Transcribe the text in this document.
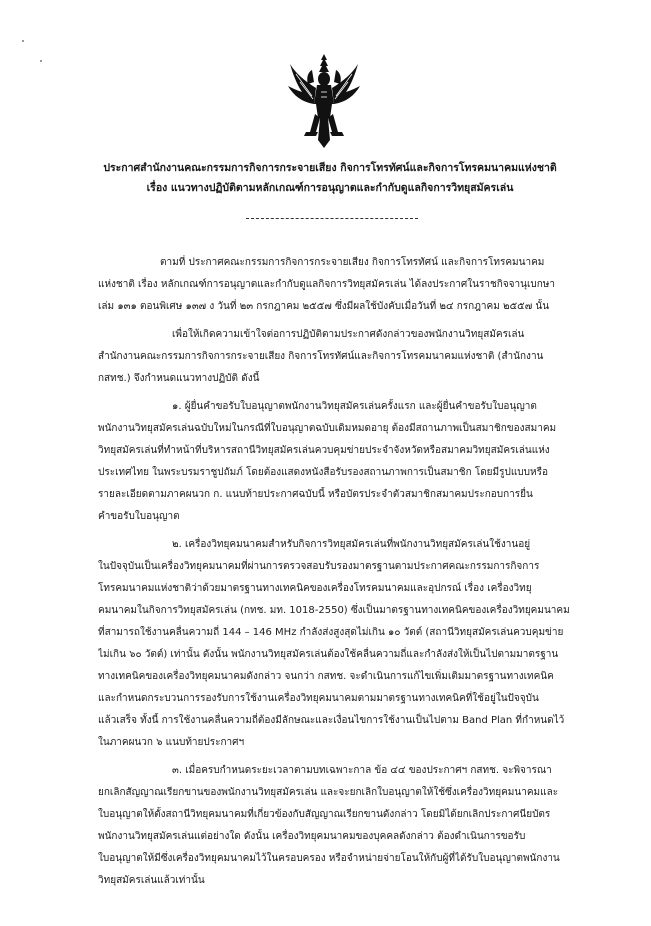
ประกาศสำนักงานคณะกรรมการกิจการกระจายเสียง กิจการโทรทัศน์และกิจการโทรคมนาคมแห่งชาติ
เรื่อง แนวทางปฏิบัติตามหลักเกณฑ์การอนุญาตและกำกับดูแลกิจการวิทยุสมัครเล่น
ตามที่ ประกาศคณะกรรมการกิจการกระจายเสียง กิจการโทรทัศน์ และกิจการโทรคมนาคม
แห่งชาติ เรื่อง หลักเกณฑ์การอนุญาตและกำกับดูแลกิจการวิทยุสมัครเล่น ได้ลงประกาศในราชกิจจานุเบกษา
เล่ม ๑๓๑ ตอนพิเศษ ๑๓๗ ง วันที่ ๒๓ กรกฎาคม ๒๕๕๗ ซึ่งมีผลใช้บังคับเมื่อวันที่ ๒๔ กรกฎาคม ๒๕๕๗ นั้น
เพื่อให้เกิดความเข้าใจต่อการปฏิบัติตามประกาศดังกล่าวของพนักงานวิทยุสมัครเล่น
สำนักงานคณะกรรมการกิจการกระจายเสียง กิจการโทรทัศน์และกิจการโทรคมนาคมแห่งชาติ (สำนักงาน
กสทช.) จึงกำหนดแนวทางปฏิบัติ ดังนี้
๑. ผู้ยื่นคำขอรับใบอนุญาตพนักงานวิทยุสมัครเล่นครั้งแรก และผู้ยื่นคำขอรับใบอนุญาต
พนักงานวิทยุสมัครเล่นฉบับใหม่ในกรณีที่ใบอนุญาตฉบับเดิมหมดอายุ ต้องมีสถานภาพเป็นสมาชิกของสมาคม
วิทยุสมัครเล่นที่ทำหน้าที่บริหารสถานีวิทยุสมัครเล่นควบคุมข่ายประจำจังหวัดหรือสมาคมวิทยุสมัครเล่นแห่ง
ประเทศไทย ในพระบรมราชูปถัมภ์ โดยต้องแสดงหนังสือรับรองสถานภาพการเป็นสมาชิก โดยมีรูปแบบหรือ
รายละเอียดตามภาคผนวก ก. แนบท้ายประกาศฉบับนี้ หรือบัตรประจำตัวสมาชิกสมาคมประกอบการยื่น
คำขอรับใบอนุญาต
๒. เครื่องวิทยุคมนาคมสำหรับกิจการวิทยุสมัครเล่นที่พนักงานวิทยุสมัครเล่นใช้งานอยู่
ในปัจจุบันเป็นเครื่องวิทยุคมนาคมที่ผ่านการตรวจสอบรับรองมาตรฐานตามประกาศคณะกรรมการกิจการ
โทรคมนาคมแห่งชาติว่าด้วยมาตรฐานทางเทคนิคของเครื่องโทรคมนาคมและอุปกรณ์ เรื่อง เครื่องวิทยุ
คมนาคมในกิจการวิทยุสมัครเล่น (กทช. มท. 1018-2550) ซึ่งเป็นมาตรฐานทางเทคนิคของเครื่องวิทยุคมนาคม
ที่สามารถใช้งานคลื่นความถี่ 144 – 146 MHz กำลังส่งสูงสุดไม่เกิน ๑๐ วัตต์ (สถานีวิทยุสมัครเล่นควบคุมข่าย
ไม่เกิน ๖๐ วัตต์) เท่านั้น ดังนั้น พนักงานวิทยุสมัครเล่นต้องใช้คลื่นความถี่และกำลังส่งให้เป็นไปตามมาตรฐาน
ทางเทคนิคของเครื่องวิทยุคมนาคมดังกล่าว จนกว่า กสทช. จะดำเนินการแก้ไขเพิ่มเติมมาตรฐานทางเทคนิค
และกำหนดกระบวนการรองรับการใช้งานเครื่องวิทยุคมนาคมตามมาตรฐานทางเทคนิคที่ใช้อยู่ในปัจจุบัน
แล้วเสร็จ ทั้งนี้ การใช้งานคลื่นความถี่ต้องมีลักษณะและเงื่อนไขการใช้งานเป็นไปตาม Band Plan ที่กำหนดไว้
ในภาคผนวก ๖ แนบท้ายประกาศฯ
๓. เมื่อครบกำหนดระยะเวลาตามบทเฉพาะกาล ข้อ ๔๔ ของประกาศฯ กสทช. จะพิจารณา
ยกเลิกสัญญาณเรียกขานของพนักงานวิทยุสมัครเล่น และจะยกเลิกใบอนุญาตให้ใช้ซึ่งเครื่องวิทยุคมนาคมและ
ใบอนุญาตให้ตั้งสถานีวิทยุคมนาคมที่เกี่ยวข้องกับสัญญาณเรียกขานดังกล่าว โดยมิได้ยกเลิกประกาศนียบัตร
พนักงานวิทยุสมัครเล่นแต่อย่างใด ดังนั้น เครื่องวิทยุคมนาคมของบุคคลดังกล่าว ต้องดำเนินการขอรับ
ใบอนุญาตให้มีซึ่งเครื่องวิทยุคมนาคมไว้ในครอบครอง หรือจำหน่ายจ่ายโอนให้กับผู้ที่ได้รับใบอนุญาตพนักงาน
วิทยุสมัครเล่นแล้วเท่านั้น
